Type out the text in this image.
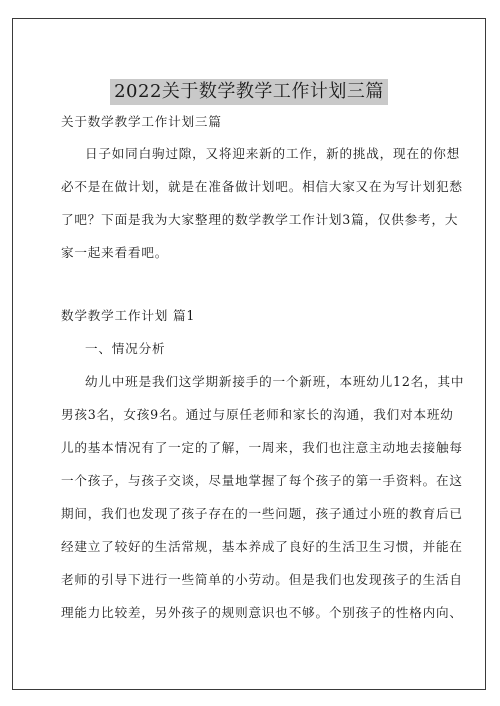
2022关于数学教学工作计划三篇
关于数学教学工作计划三篇
日子如同白驹过隙，又将迎来新的工作，新的挑战，现在的你想
必不是在做计划，就是在准备做计划吧。相信大家又在为写计划犯愁
了吧？下面是我为大家整理的数学教学工作计划3篇，仅供参考，大
家一起来看看吧。
数学教学工作计划 篇1
一、情况分析
幼儿中班是我们这学期新接手的一个新班，本班幼儿12名，其中
男孩3名，女孩9名。通过与原任老师和家长的沟通，我们对本班幼
儿的基本情况有了一定的了解，一周来，我们也注意主动地去接触每
一个孩子，与孩子交谈，尽量地掌握了每个孩子的第一手资料。在这
期间，我们也发现了孩子存在的一些问题，孩子通过小班的教育后已
经建立了较好的生活常规，基本养成了良好的生活卫生习惯，并能在
老师的引导下进行一些简单的小劳动。但是我们也发现孩子的生活自
理能力比较差，另外孩子的规则意识也不够。个别孩子的性格内向、
